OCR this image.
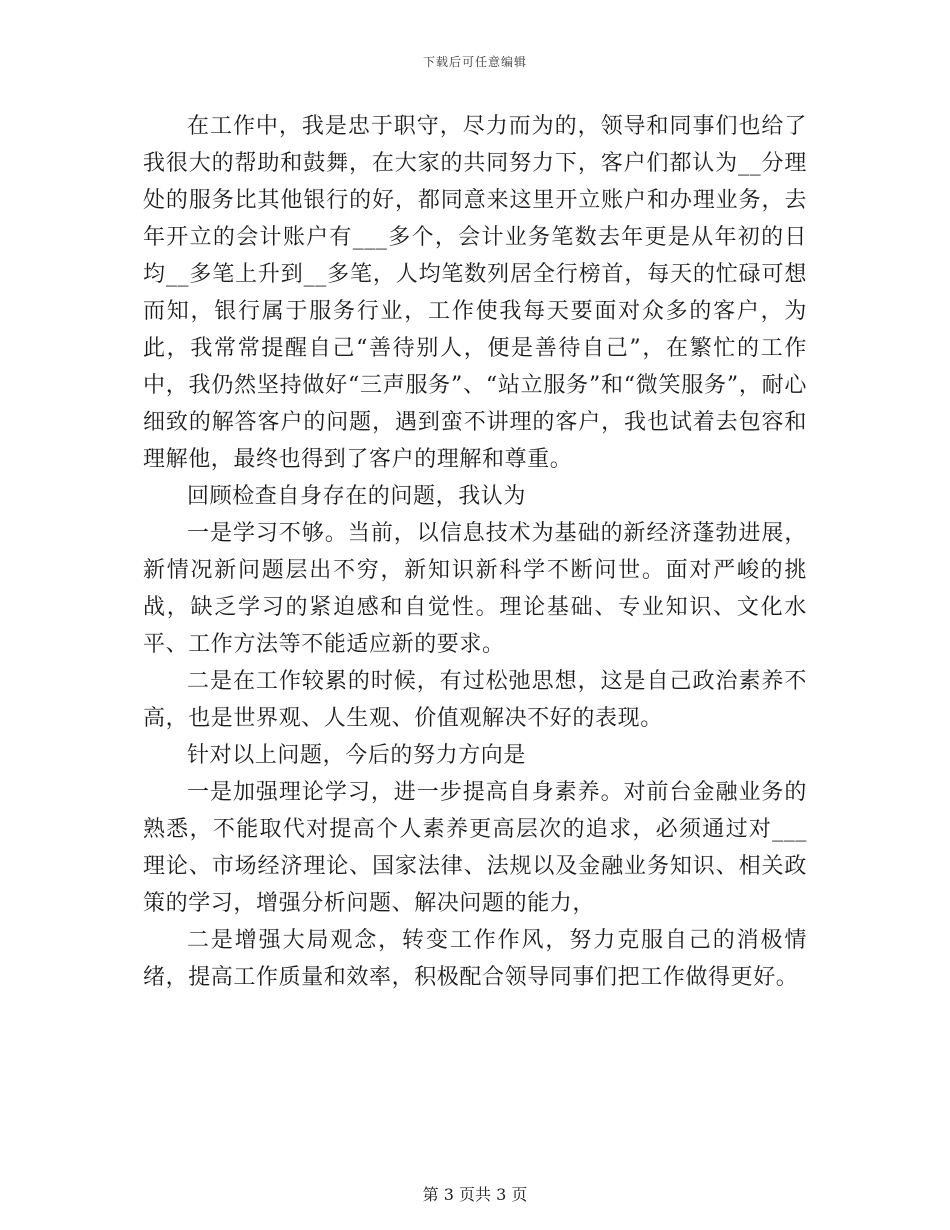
下载后可任意编辑

在工作中，我是忠于职守，尽力而为的，领导和同事们也给了我很大的帮助和鼓舞，在大家的共同努力下，客户们都认为__分理处的服务比其他银行的好，都同意来这里开立账户和办理业务，去年开立的会计账户有___多个，会计业务笔数去年更是从年初的日均__多笔上升到__多笔，人均笔数列居全行榜首，每天的忙碌可想而知，银行属于服务行业，工作使我每天要面对众多的客户，为此，我常常提醒自己“善待别人，便是善待自己”，在繁忙的工作中，我仍然坚持做好“三声服务”、“站立服务”和“微笑服务”，耐心细致的解答客户的问题，遇到蛮不讲理的客户，我也试着去包容和理解他，最终也得到了客户的理解和尊重。

回顾检查自身存在的问题，我认为

一是学习不够。当前，以信息技术为基础的新经济蓬勃进展，新情况新问题层出不穷，新知识新科学不断问世。面对严峻的挑战，缺乏学习的紧迫感和自觉性。理论基础、专业知识、文化水平、工作方法等不能适应新的要求。

二是在工作较累的时候，有过松弛思想，这是自己政治素养不高，也是世界观、人生观、价值观解决不好的表现。

针对以上问题，今后的努力方向是

一是加强理论学习，进一步提高自身素养。对前台金融业务的熟悉，不能取代对提高个人素养更高层次的追求，必须通过对___理论、市场经济理论、国家法律、法规以及金融业务知识、相关政策的学习，增强分析问题、解决问题的能力，

二是增强大局观念，转变工作作风，努力克服自己的消极情绪，提高工作质量和效率，积极配合领导同事们把工作做得更好。

第 3 页共 3 页
